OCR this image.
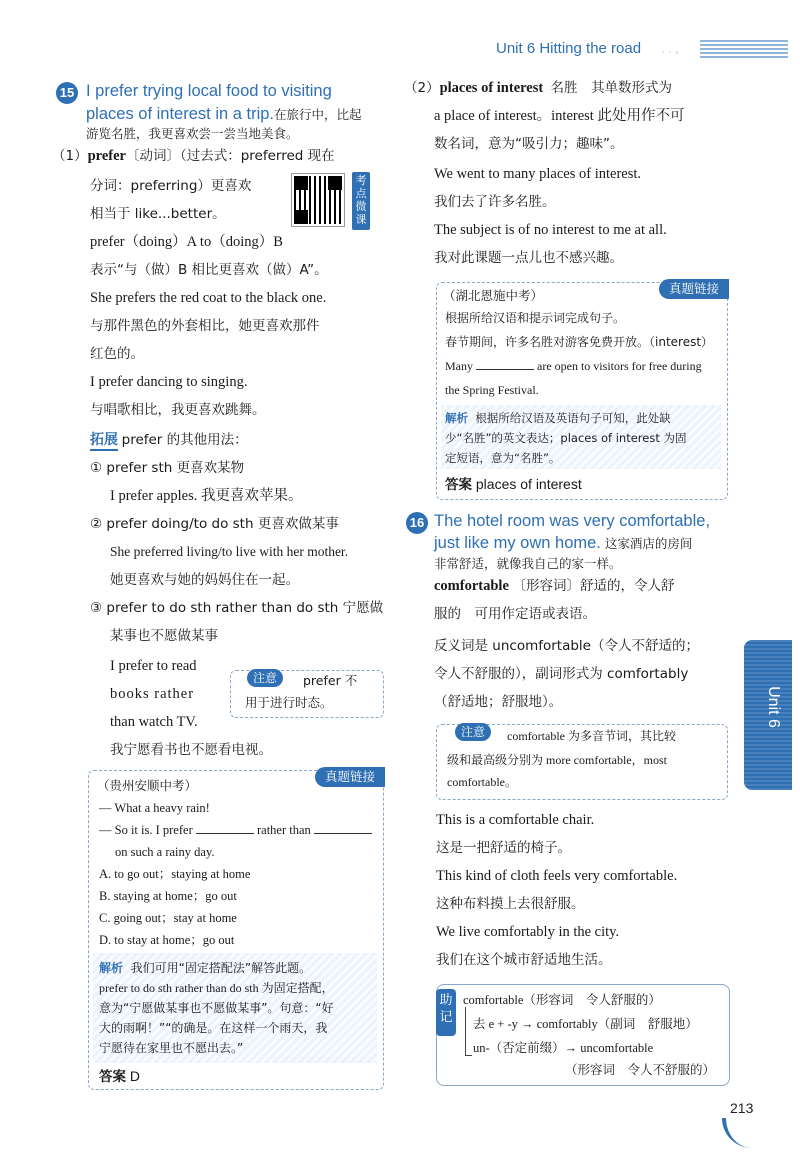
Unit 6 Hitting the road	· · ◦
15 I prefer trying local food to visiting
places of interest in a trip.在旅行中，比起
游览名胜，我更喜欢尝一尝当地美食。
（1）prefer〔动词〕（过去式：preferred 现在
分词：preferring）更喜欢
相当于 like...better。
prefer（doing）A to（doing）B
表示“与（做）B 相比更喜欢（做）A”。
考点微课
She prefers the red coat to the black one.
与那件黑色的外套相比，她更喜欢那件
红色的。
I prefer dancing to singing.
与唱歌相比，我更喜欢跳舞。
拓展 prefer 的其他用法：
① prefer sth 更喜欢某物
I prefer apples. 我更喜欢苹果。
② prefer doing/to do sth 更喜欢做某事
She preferred living/to live with her mother.
她更喜欢与她的妈妈住在一起。
③ prefer to do sth rather than do sth 宁愿做
某事也不愿做某事
I prefer to read
books rather
than watch TV.
我宁愿看书也不愿看电视。
注意	prefer 不
用于进行时态。
（贵州安顺中考）
真题链接
— What a heavy rain!
— So it is. I prefer	rather than
on such a rainy day.
A. to go out；staying at home
B. staying at home；go out
C. going out；stay at home
D. to stay at home；go out
解析 我们可用“固定搭配法”解答此题。
prefer to do sth rather than do sth 为固定搭配，
意为“宁愿做某事也不愿做某事”。句意：“好
大的雨啊！”“的确是。在这样一个雨天，我
宁愿待在家里也不愿出去。”
答案 D
（2）places of interest 名胜　其单数形式为
a place of interest。interest 此处用作不可
数名词，意为“吸引力；趣味”。
We went to many places of interest.
我们去了许多名胜。
The subject is of no interest to me at all.
我对此课题一点儿也不感兴趣。
（湖北恩施中考）	真题链接
根据所给汉语和提示词完成句子。
春节期间，许多名胜对游客免费开放。（interest）
Many	are open to visitors for free during
the Spring Festival.
解析 根据所给汉语及英语句子可知，此处缺
少“名胜”的英文表达；places of interest 为固
定短语，意为“名胜”。
答案 places of interest
16 The hotel room was very comfortable,
just like my own home. 这家酒店的房间
非常舒适，就像我自己的家一样。
comfortable 〔形容词〕舒适的，令人舒
服的　可用作定语或表语。
反义词是 uncomfortable（令人不舒适的；
令人不舒服的），副词形式为 comfortably
（舒适地；舒服地）。
注意	comfortable 为多音节词，其比较
级和最高级分别为 more comfortable，most
comfortable。
This is a comfortable chair.
这是一把舒适的椅子。
This kind of cloth feels very comfortable.
这种布料摸上去很舒服。
We live comfortably in the city.
我们在这个城市舒适地生活。
助记
comfortable（形容词　令人舒服的）
去 e + -y → comfortably（副词　舒服地）
un-（否定前缀）→ uncomfortable
（形容词　令人不舒服的）
Unit 6
213
